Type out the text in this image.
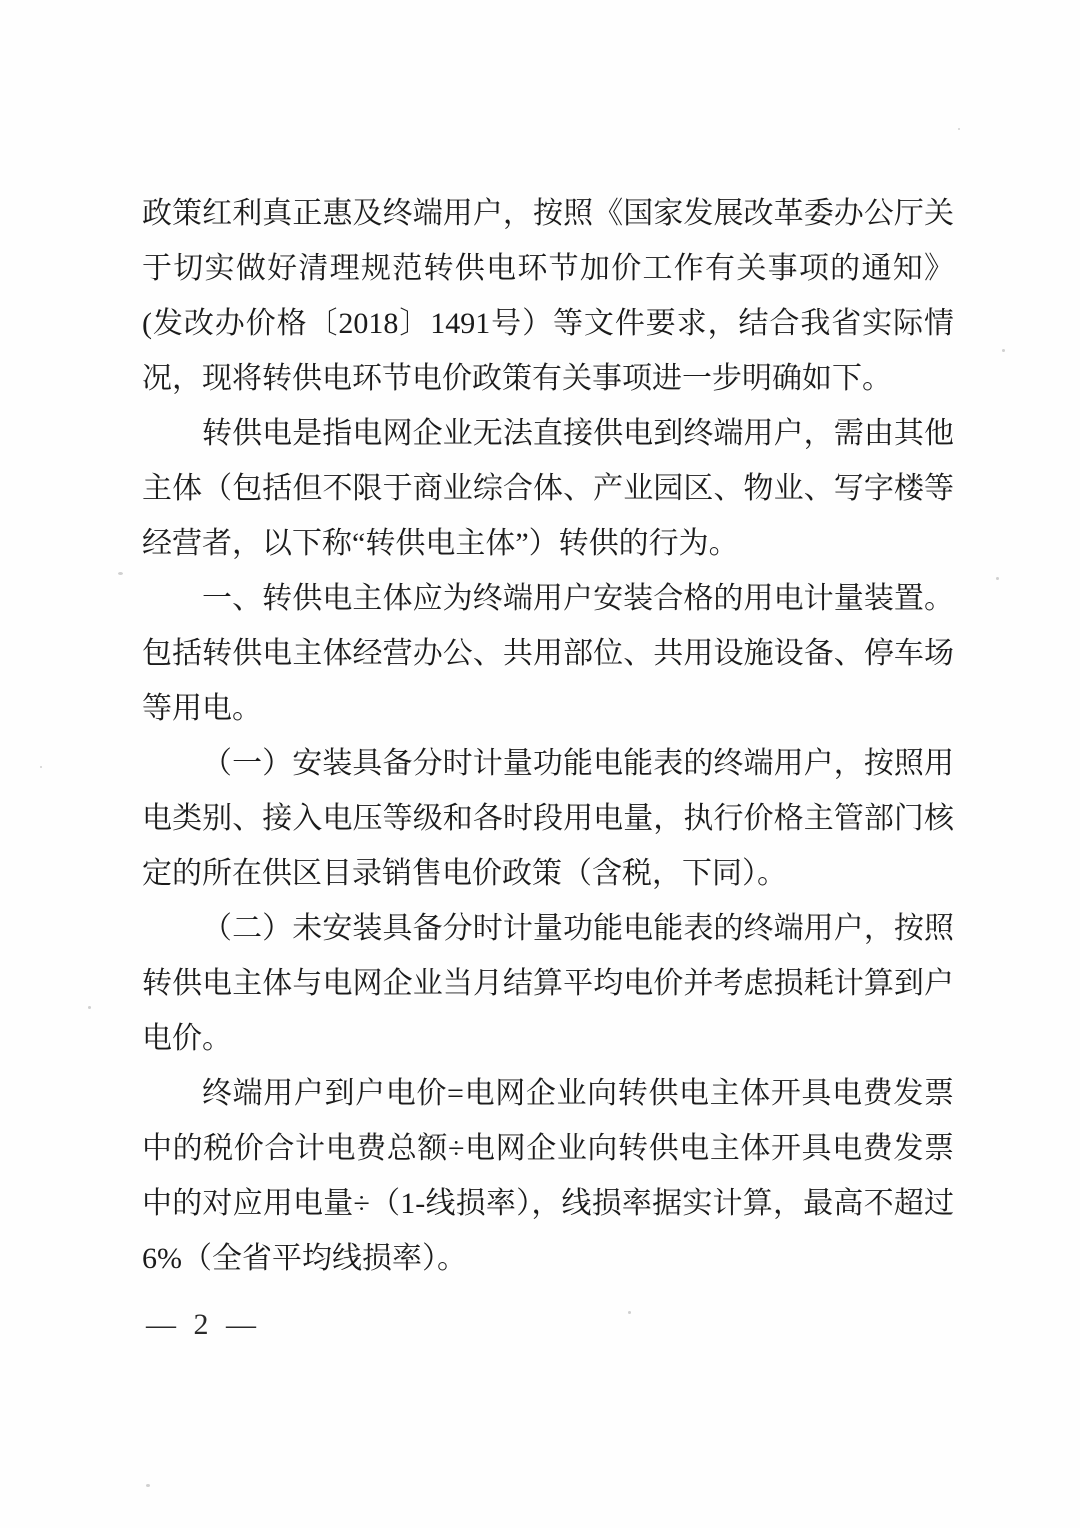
政策红利真正惠及终端用户，按照《国家发展改革委办公厅关于切实做好清理规范转供电环节加价工作有关事项的通知》(发改办价格〔2018〕1491号）等文件要求，结合我省实际情况，现将转供电环节电价政策有关事项进一步明确如下。

转供电是指电网企业无法直接供电到终端用户，需由其他主体（包括但不限于商业综合体、产业园区、物业、写字楼等经营者，以下称“转供电主体”）转供的行为。

一、转供电主体应为终端用户安装合格的用电计量装置。包括转供电主体经营办公、共用部位、共用设施设备、停车场等用电。

（一）安装具备分时计量功能电能表的终端用户，按照用电类别、接入电压等级和各时段用电量，执行价格主管部门核定的所在供区目录销售电价政策（含税，下同）。

（二）未安装具备分时计量功能电能表的终端用户，按照转供电主体与电网企业当月结算平均电价并考虑损耗计算到户电价。

终端用户到户电价=电网企业向转供电主体开具电费发票中的税价合计电费总额÷电网企业向转供电主体开具电费发票中的对应用电量÷（1-线损率），线损率据实计算，最高不超过6%（全省平均线损率）。

— 2 —
